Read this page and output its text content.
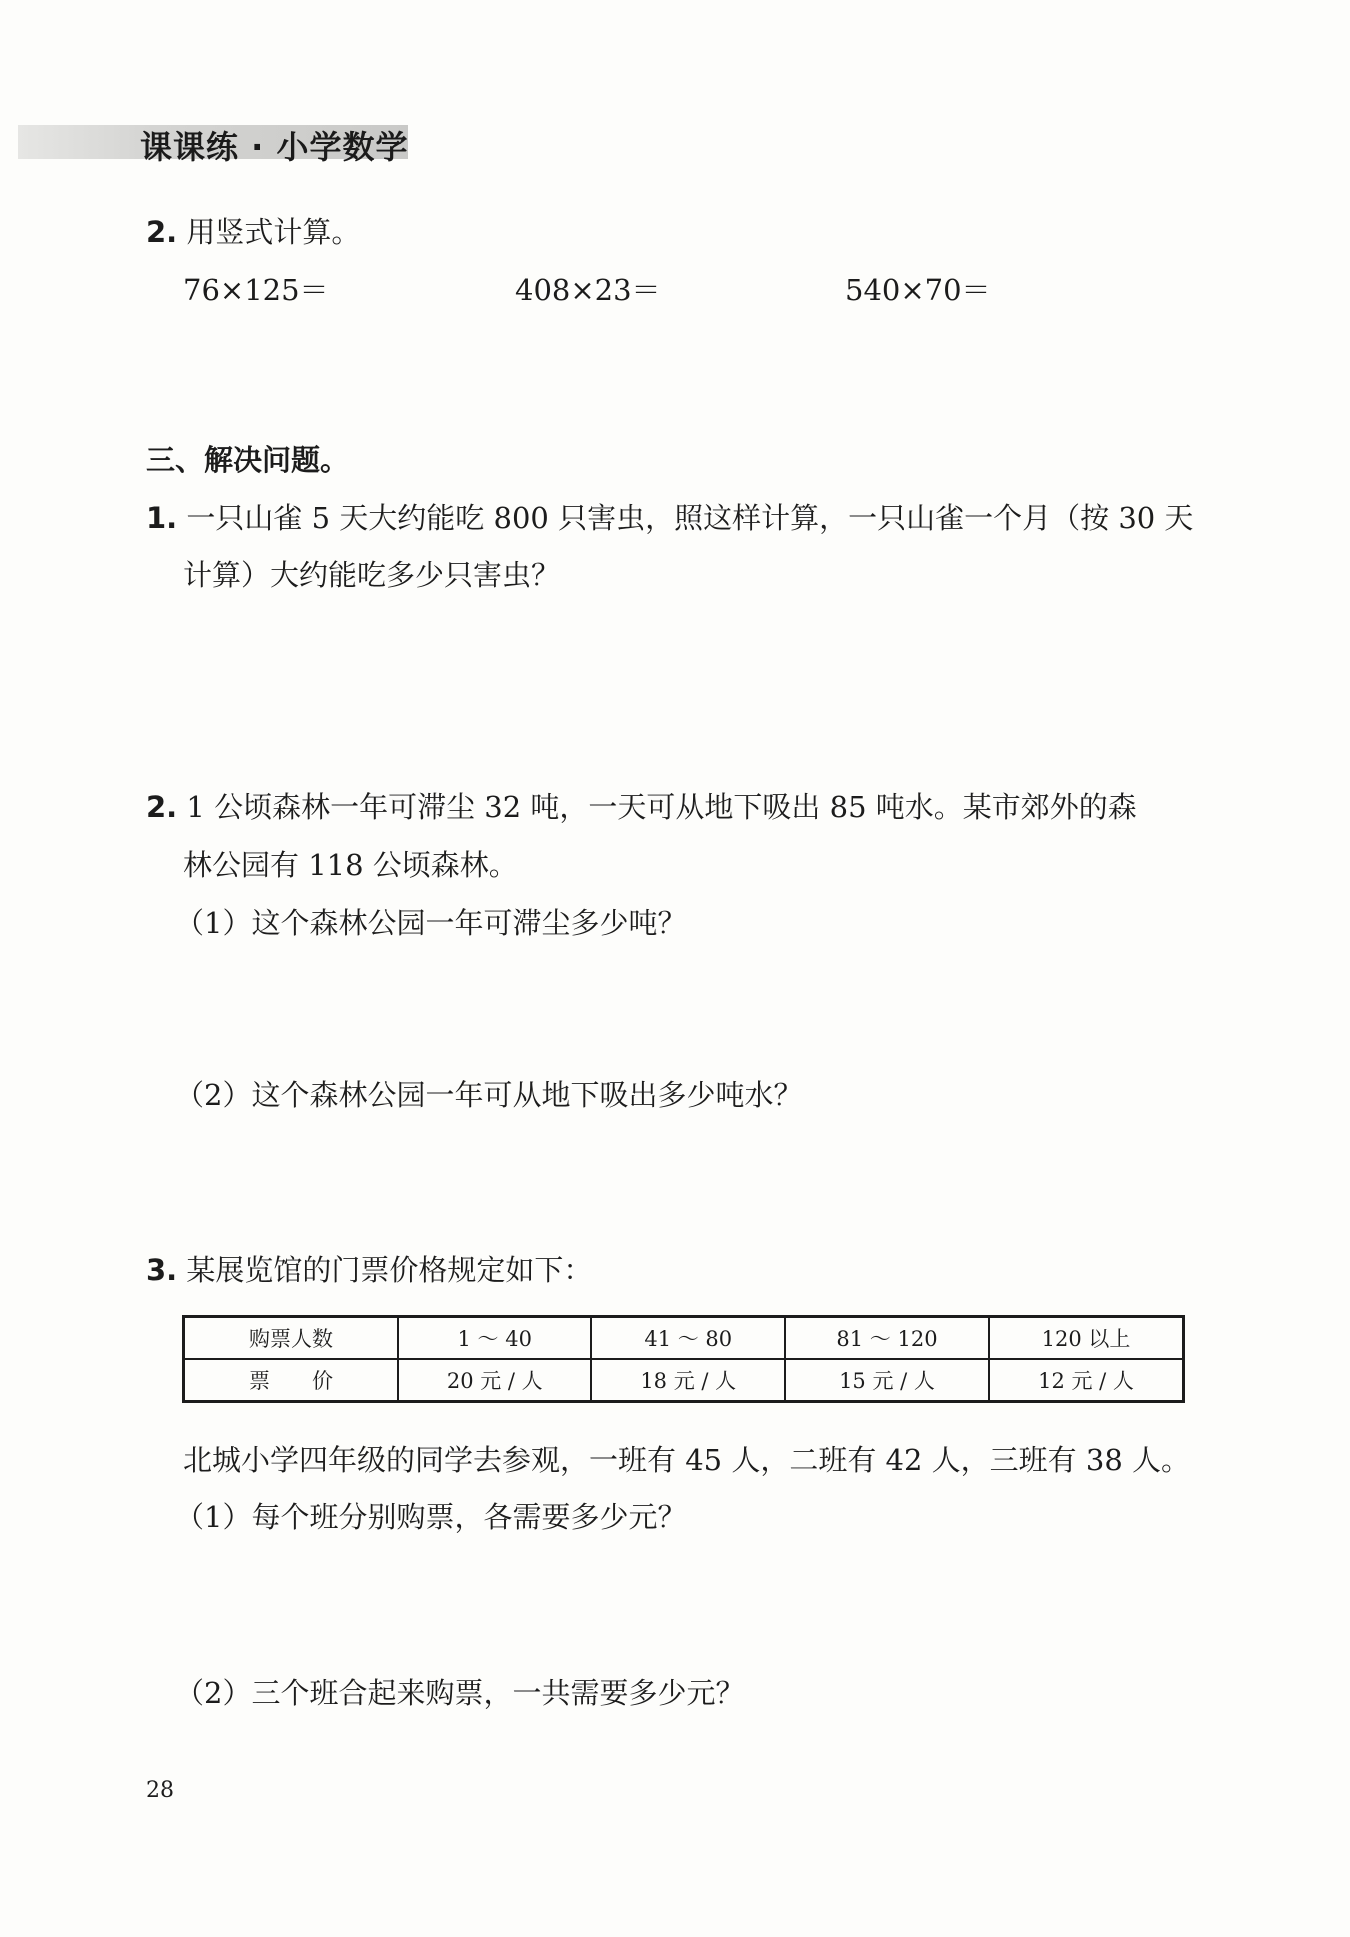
课课练 · 小学数学
2. 用竖式计算。
76×125＝	408×23＝	540×70＝
三、解决问题。
1. 一只山雀 5 天大约能吃 800 只害虫，照这样计算，一只山雀一个月（按 30 天
计算）大约能吃多少只害虫？
2. 1 公顷森林一年可滞尘 32 吨，一天可从地下吸出 85 吨水。某市郊外的森
林公园有 118 公顷森林。
（1）这个森林公园一年可滞尘多少吨？
（2）这个森林公园一年可从地下吸出多少吨水？
3. 某展览馆的门票价格规定如下：
购票人数	1 ～ 40	41 ～ 80	81 ～ 120	120 以上
票　　价	20 元 / 人	18 元 / 人	15 元 / 人	12 元 / 人
北城小学四年级的同学去参观，一班有 45 人，二班有 42 人，三班有 38 人。
（1）每个班分别购票，各需要多少元？
（2）三个班合起来购票，一共需要多少元？
28
